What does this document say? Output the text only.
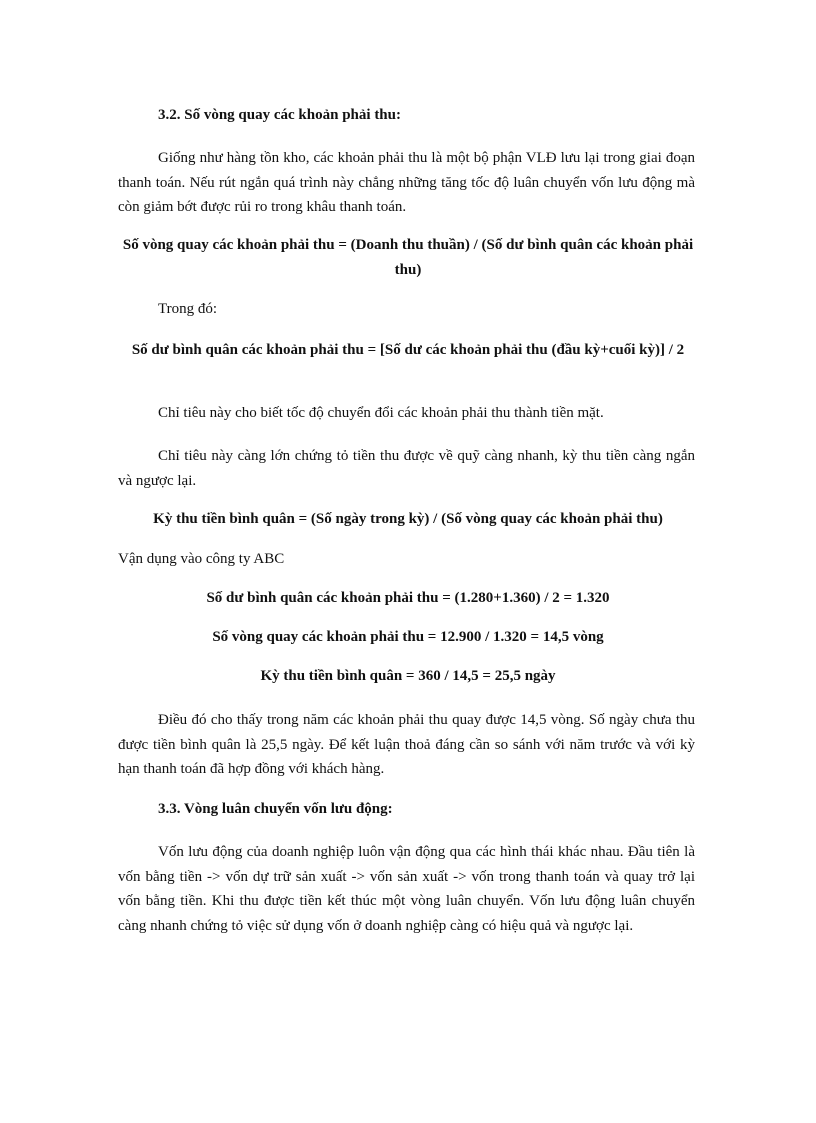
3.2. Số vòng quay các khoản phải thu:
Giống như hàng tồn kho, các khoản phải thu là một bộ phận VLĐ lưu lại trong giai đoạn thanh toán. Nếu rút ngắn quá trình này chẳng những tăng tốc độ luân chuyển vốn lưu động mà còn giảm bớt được rủi ro trong khâu thanh toán.
Số vòng quay các khoản phải thu = (Doanh thu thuần) / (Số dư bình quân các khoản phải thu)
Trong đó:
Số dư bình quân các khoản phải thu = [Số dư các khoản phải thu (đầu kỳ+cuối kỳ)] / 2
Chỉ tiêu này cho biết tốc độ chuyển đổi các khoản phải thu thành tiền mặt.
Chỉ tiêu này càng lớn chứng tỏ tiền thu được về quỹ càng nhanh, kỳ thu tiền càng ngắn và ngược lại.
Kỳ thu tiền bình quân = (Số ngày trong kỳ) / (Số vòng quay các khoản phải thu)
Vận dụng vào công ty ABC
Số dư bình quân các khoản phải thu = (1.280+1.360) / 2 = 1.320
Số vòng quay các khoản phải thu = 12.900 / 1.320 = 14,5 vòng
Kỳ thu tiền bình quân = 360 / 14,5 = 25,5 ngày
Điều đó cho thấy trong năm các khoản phải thu quay được 14,5 vòng. Số ngày chưa thu được tiền bình quân là 25,5 ngày. Để kết luận thoả đáng cần so sánh với năm trước và với kỳ hạn thanh toán đã hợp đồng với khách hàng.
3.3. Vòng luân chuyển vốn lưu động:
Vốn lưu động của doanh nghiệp luôn vận động qua các hình thái khác nhau. Đầu tiên là vốn bằng tiền -> vốn dự trữ sản xuất -> vốn sản xuất -> vốn trong thanh toán và quay trở lại vốn bằng tiền. Khi thu được tiền kết thúc một vòng luân chuyển. Vốn lưu động luân chuyển càng nhanh chứng tỏ việc sử dụng vốn ở doanh nghiệp càng có hiệu quả và ngược lại.
